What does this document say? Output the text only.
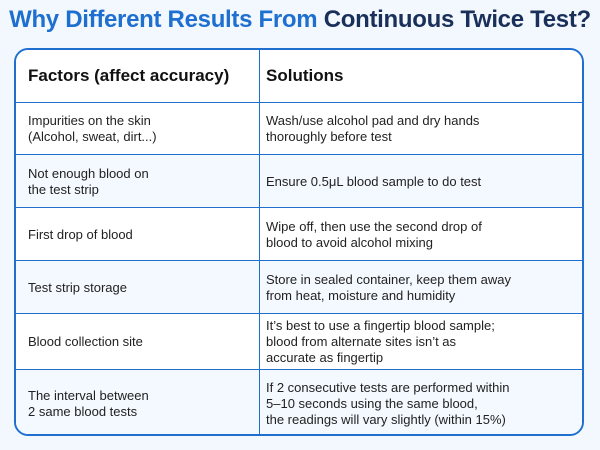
Why Different Results From Continuous Twice Test?
Factors (affect accuracy)	Solutions
Impurities on the skin
(Alcohol, sweat, dirt...)
Wash/use alcohol pad and dry hands
thoroughly before test
Not enough blood on
the test strip
Ensure 0.5μL blood sample to do test
First drop of blood
Wipe off, then use the second drop of
blood to avoid alcohol mixing
Test strip storage
Store in sealed container, keep them away
from heat, moisture and humidity
Blood collection site
It’s best to use a fingertip blood sample;
blood from alternate sites isn’t as
accurate as fingertip
The interval between
2 same blood tests
If 2 consecutive tests are performed within
5–10 seconds using the same blood,
the readings will vary slightly (within 15%)
